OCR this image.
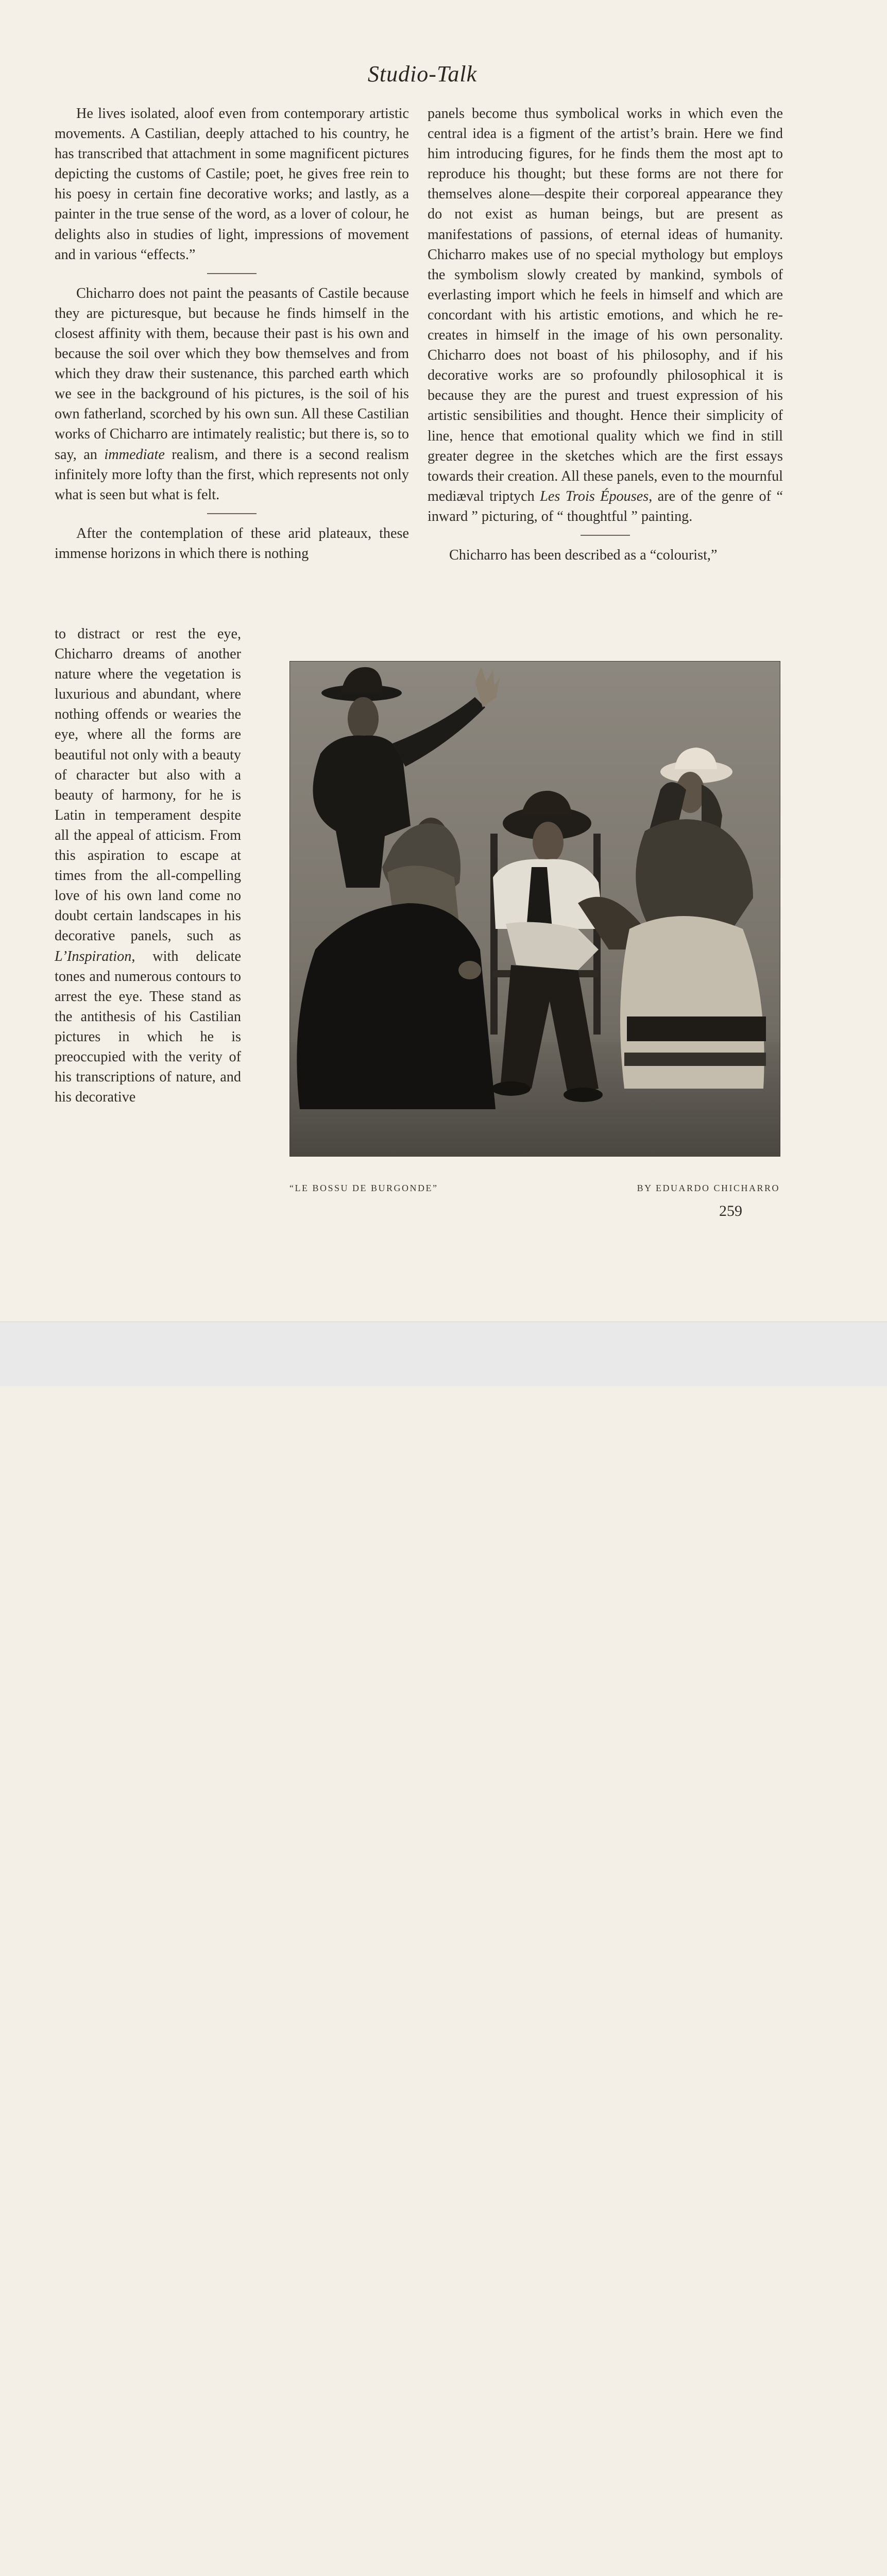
Studio-Talk

He lives isolated, aloof even from contemporary artistic movements. A Castilian, deeply attached to his country, he has transcribed that attachment in some magnificent pictures depicting the customs of Castile; poet, he gives free rein to his poesy in certain fine decorative works; and lastly, as a painter in the true sense of the word, as a lover of colour, he delights also in studies of light, impressions of movement and in various “effects.”

Chicharro does not paint the peasants of Castile because they are picturesque, but because he finds himself in the closest affinity with them, because their past is his own and because the soil over which they bow themselves and from which they draw their sustenance, this parched earth which we see in the background of his pictures, is the soil of his own fatherland, scorched by his own sun. All these Castilian works of Chicharro are intimately realistic; but there is, so to say, an immediate realism, and there is a second realism infinitely more lofty than the first, which represents not only what is seen but what is felt.

After the contemplation of these arid plateaux, these immense horizons in which there is nothing

to distract or rest the eye, Chicharro dreams of another nature where the vegetation is luxurious and abundant, where nothing offends or wearies the eye, where all the forms are beautiful not only with a beauty of character but also with a beauty of harmony, for he is Latin in temperament despite all the appeal of atticism. From this aspiration to escape at times from the all-compelling love of his own land come no doubt certain landscapes in his decorative panels, such as L’Inspiration, with delicate tones and numerous contours to arrest the eye. These stand as the antithesis of his Castilian pictures in which he is preoccupied with the verity of his transcriptions of nature, and his decorative

panels become thus symbolical works in which even the central idea is a figment of the artist’s brain. Here we find him introducing figures, for he finds them the most apt to reproduce his thought; but these forms are not there for themselves alone—despite their corporeal appearance they do not exist as human beings, but are present as manifestations of passions, of eternal ideas of humanity. Chicharro makes use of no special mythology but employs the symbolism slowly created by mankind, symbols of everlasting import which he feels in himself and which are concordant with his artistic emotions, and which he re-creates in himself in the image of his own personality. Chicharro does not boast of his philosophy, and if his decorative works are so profoundly philosophical it is because they are the purest and truest expression of his artistic sensibilities and thought. Hence their simplicity of line, hence that emotional quality which we find in still greater degree in the sketches which are the first essays towards their creation. All these panels, even to the mournful mediæval triptych Les Trois Épouses, are of the genre of “ inward ” picturing, of “ thoughtful ” painting.

Chicharro has been described as a “colourist,”

“LE BOSSU DE BURGONDE”	BY EDUARDO CHICHARRO
259
